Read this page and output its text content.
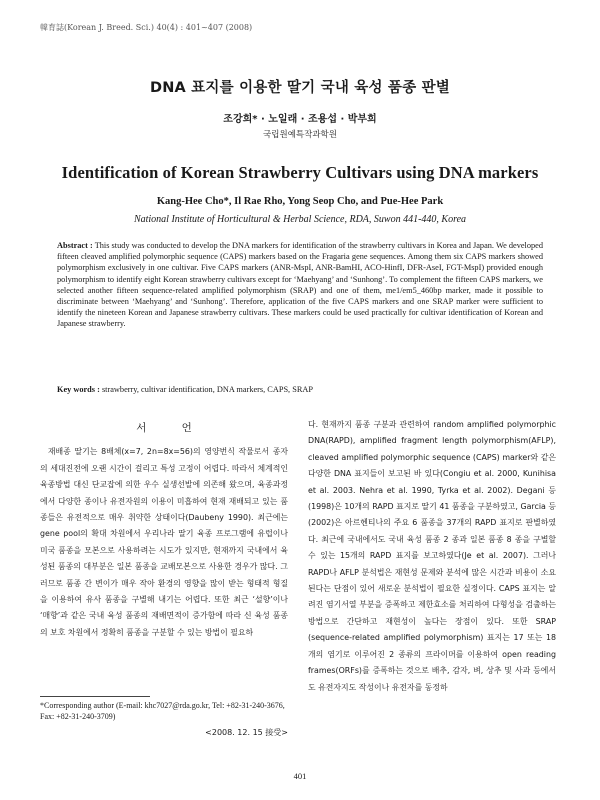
韓育誌(Korean J. Breed. Sci.) 40(4) : 401~407 (2008)
DNA 표지를 이용한 딸기 국내 육성 품종 판별
조강희* · 노일래 · 조용섭 · 박부희
국립원예특작과학원
Identification of Korean Strawberry Cultivars using DNA markers
Kang-Hee Cho*, Il Rae Rho, Yong Seop Cho, and Pue-Hee Park
National Institute of Horticultural & Herbal Science, RDA, Suwon 441-440, Korea
Abstract : This study was conducted to develop the DNA markers for identification of the strawberry cultivars in Korea and Japan. We developed fifteen cleaved amplified polymorphic sequence (CAPS) markers based on the Fragaria gene sequences. Among them six CAPS markers showed polymorphism exclusively in one cultivar. Five CAPS markers (ANR-MspI, ANR-BamHI, ACO-HinfI, DFR-AseI, FGT-MspI) provided enough polymorphism to identify eight Korean strawberry cultivars except for ‘Maehyang’ and ‘Sunhong’. To complement the fifteen CAPS markers, we selected another fifteen sequence-related amplified polymorphism (SRAP) and one of them, me1/em5_460bp marker, made it possible to discriminate between ‘Maehyang’ and ‘Sunhong’. Therefore, application of the five CAPS markers and one SRAP marker were sufficient to identify the nineteen Korean and Japanese strawberry cultivars. These markers could be used practically for cultivar identification of Korean and Japanese strawberry.
Key words : strawberry, cultivar identification, DNA markers, CAPS, SRAP
서 언

재배종 딸기는 8배체(x=7, 2n=8x=56)의 영양번식 작물로서 종자의 세대진전에 오랜 시간이 걸리고 특성 고정이 어렵다. 따라서 체계적인 육종방법 대신 단교잡에 의한 우수 실생선발에 의존해 왔으며, 육종과정에서 다양한 종이나 유전자원의 이용이 미흡하여 현재 재배되고 있는 품종들은 유전적으로 매우 취약한 상태이다(Daubeny 1990). 최근에는 gene pool의 확대 차원에서 우리나라 딸기 육종 프로그램에 유럽이나 미국 품종을 모본으로 사용하려는 시도가 있지만, 현재까지 국내에서 육성된 품종의 대부분은 일본 품종을 교배모본으로 사용한 경우가 많다. 그러므로 품종 간 변이가 매우 작아 환경의 영향을 많이 받는 형태적 형질을 이용하여 유사 품종을 구별해 내기는 어렵다. 또한 최근 ‘설향’이나 ‘매향’과 같은 국내 육성 품종의 재배면적이 증가함에 따라 신 육성 품종의 보호 차원에서 정확히 품종을 구분할 수 있는 방법이 필요하

다. 현재까지 품종 구분과 관련하여 random amplified polymorphic DNA(RAPD), amplified fragment length polymorphism(AFLP), cleaved amplified polymorphic sequence (CAPS) marker와 같은 다양한 DNA 표지들이 보고된 바 있다(Congiu et al. 2000, Kunihisa et al. 2003. Nehra et al. 1990, Tyrka et al. 2002). Degani 등(1998)은 10개의 RAPD 표지로 딸기 41 품종을 구분하였고, Garcia 등(2002)은 아르헨티나의 주요 6 품종을 37개의 RAPD 표지로 판별하였다. 최근에 국내에서도 국내 육성 품종 2 종과 일본 품종 8 종을 구별할 수 있는 15개의 RAPD 표지를 보고하였다(Je et al. 2007). 그러나 RAPD나 AFLP 분석법은 재현성 문제와 분석에 많은 시간과 비용이 소요된다는 단점이 있어 새로운 분석법이 필요한 실정이다. CAPS 표지는 알려진 염기서열 부분을 증폭하고 제한효소를 처리하여 다형성을 검출하는 방법으로 간단하고 재현성이 높다는 장점이 있다. 또한 SRAP (sequence-related amplified polymorphism) 표지는 17 또는 18개의 염기로 이루어진 2 종류의 프라이머를 이용하여 open reading frames(ORFs)를 증폭하는 것으로 배추, 감자, 벼, 상추 및 사과 등에서도 유전자지도 작성이나 유전자를 동정하

*Corresponding author (E-mail: khc7027@rda.go.kr, Tel: +82-31-240-3676, Fax: +82-31-240-3709)
<2008. 12. 15 接受>
401
